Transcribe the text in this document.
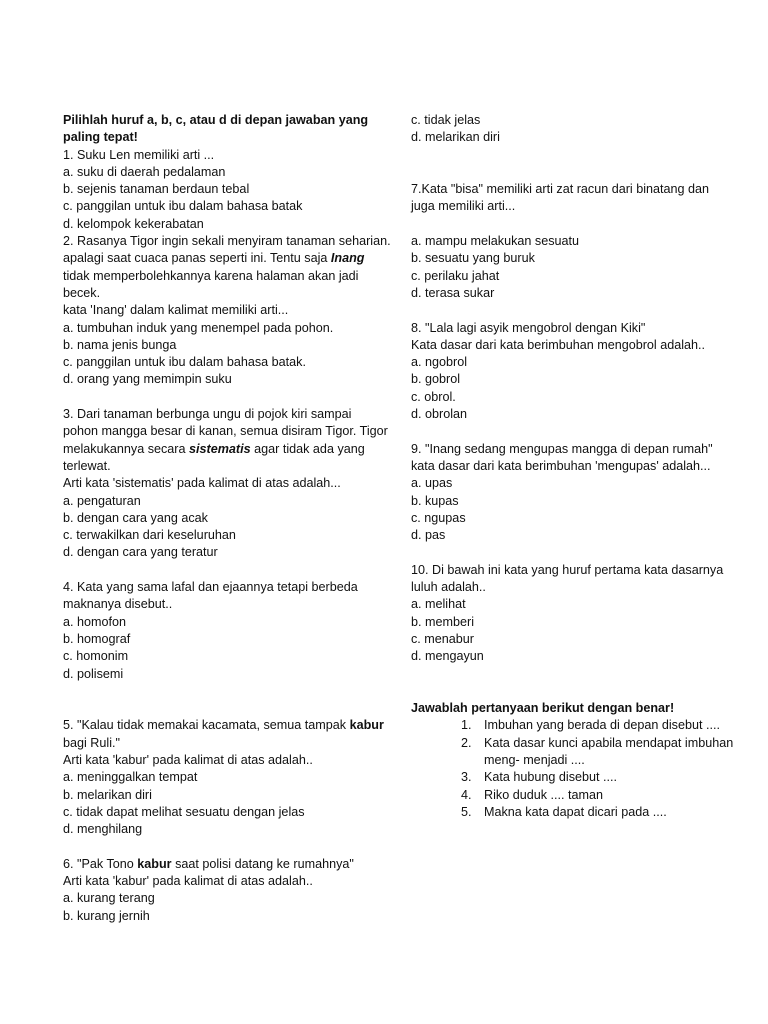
Pilihlah huruf a, b, c, atau d di depan jawaban yang paling tepat!
1. Suku Len memiliki arti ...
a. suku di daerah pedalaman
b. sejenis tanaman berdaun tebal
c. panggilan untuk ibu dalam bahasa batak
d. kelompok kekerabatan
2. Rasanya Tigor ingin sekali menyiram tanaman seharian.
apalagi saat cuaca panas seperti ini. Tentu saja Inang
tidak memperbolehkannya karena halaman akan jadi
becek.
kata 'Inang' dalam kalimat memiliki arti...
a. tumbuhan induk yang menempel pada pohon.
b. nama jenis bunga
c. panggilan untuk ibu dalam bahasa batak.
d. orang yang memimpin suku
3. Dari tanaman berbunga ungu di pojok kiri sampai
pohon mangga besar di kanan, semua disiram Tigor. Tigor
melakukannya secara sistematis agar tidak ada yang
terlewat.
Arti kata 'sistematis' pada kalimat di atas adalah...
a. pengaturan
b. dengan cara yang acak
c. terwakilkan dari keseluruhan
d. dengan cara yang teratur
4. Kata yang sama lafal dan ejaannya tetapi berbeda
maknanya disebut..
a. homofon
b. homograf
c. homonim
d. polisemi
5. "Kalau tidak memakai kacamata, semua tampak kabur
bagi Ruli."
Arti kata 'kabur' pada kalimat di atas adalah..
a. meninggalkan tempat
b. melarikan diri
c. tidak dapat melihat sesuatu dengan jelas
d. menghilang
6. "Pak Tono kabur saat polisi datang ke rumahnya"
Arti kata 'kabur' pada kalimat di atas adalah..
a. kurang terang
b. kurang jernih
c. tidak jelas
d. melarikan diri
7.Kata "bisa" memiliki arti zat racun dari binatang dan
juga memiliki arti...
a. mampu melakukan sesuatu
b. sesuatu yang buruk
c. perilaku jahat
d. terasa sukar
8. "Lala lagi asyik mengobrol dengan Kiki"
Kata dasar dari kata berimbuhan mengobrol adalah..
a. ngobrol
b. gobrol
c. obrol.
d. obrolan
9. "Inang sedang mengupas mangga di depan rumah"
kata dasar dari kata berimbuhan 'mengupas' adalah...
a. upas
b. kupas
c. ngupas
d. pas
10. Di bawah ini kata yang huruf pertama kata dasarnya
luluh adalah..
a. melihat
b. memberi
c. menabur
d. mengayun
Jawablah pertanyaan berikut dengan benar!
1. Imbuhan yang berada di depan disebut ....
2. Kata dasar kunci apabila mendapat imbuhan meng- menjadi ....
3. Kata hubung disebut ....
4. Riko duduk .... taman
5. Makna kata dapat dicari pada ....
